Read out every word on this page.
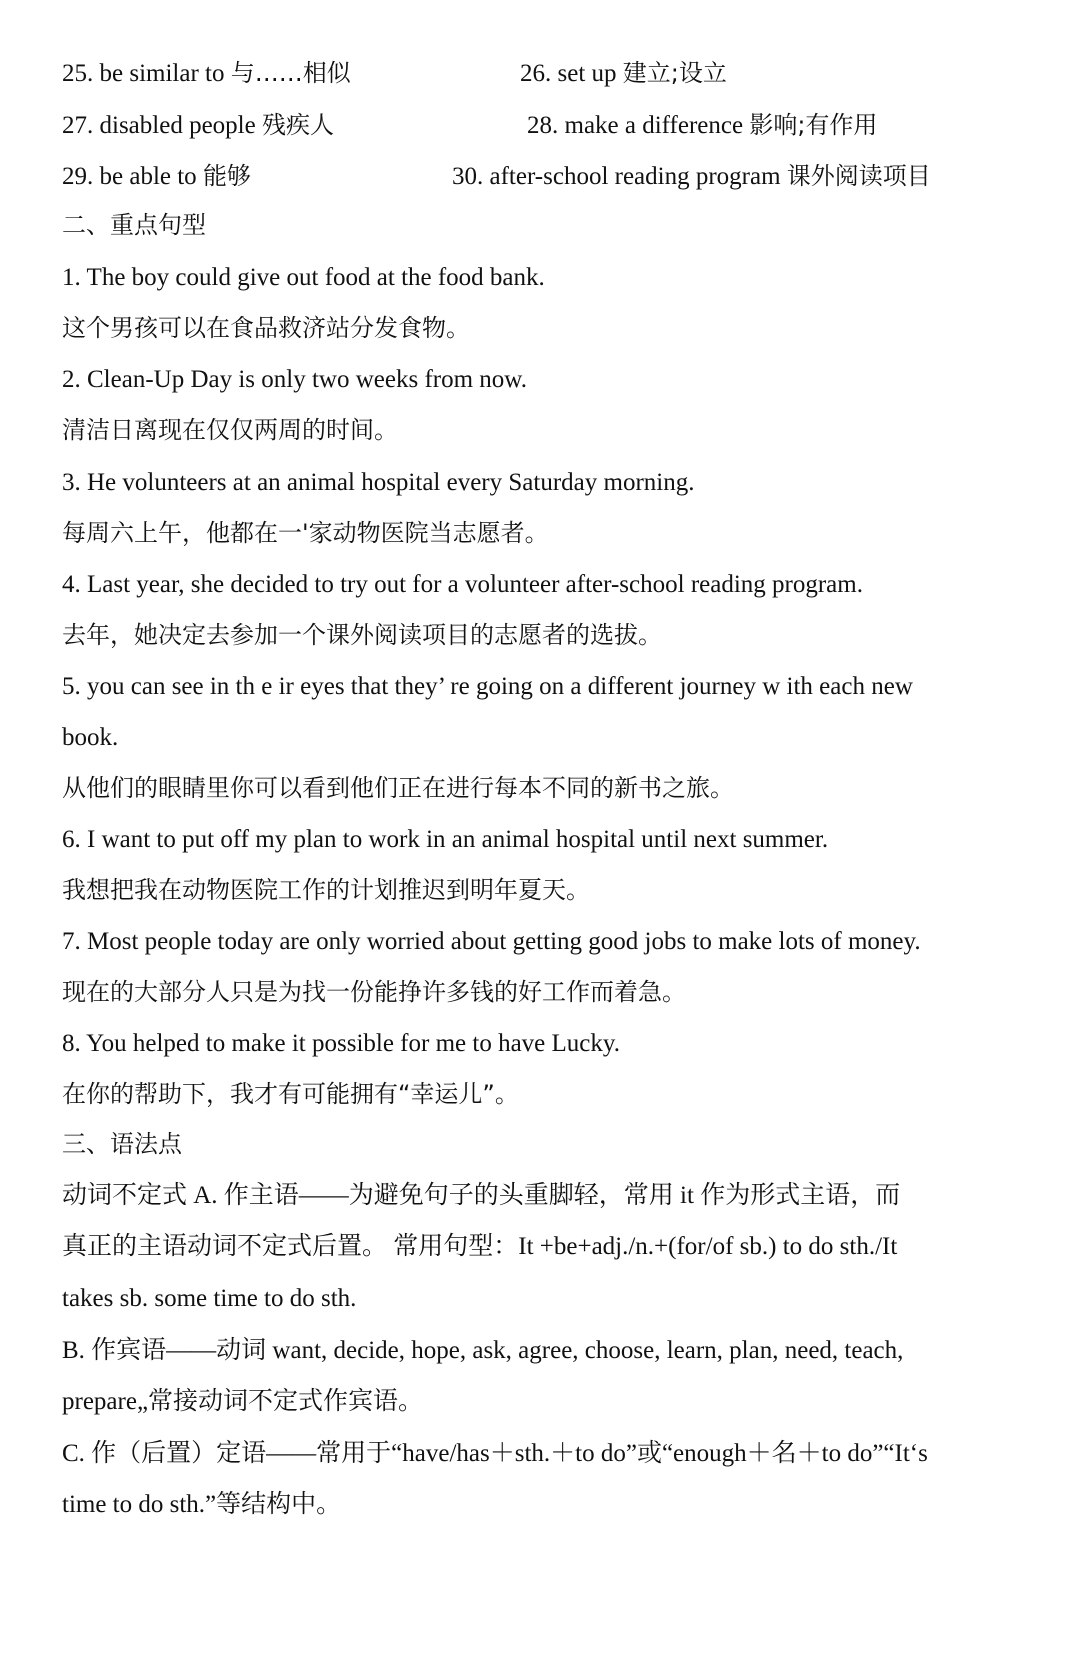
25. be similar to 与……相似	26. set up 建立;设立
27. disabled people 残疾人	28. make a difference 影响;有作用
29. be able to 能够	30. after-school reading program 课外阅读项目
二、重点句型
1. The boy could give out food at the food bank.
这个男孩可以在食品救济站分发食物。
2. Clean-Up Day is only two weeks from now.
清洁日离现在仅仅两周的时间。
3. He volunteers at an animal hospital every Saturday morning.
每周六上午，他都在一'家动物医院当志愿者。
4. Last year, she decided to try out for a volunteer after-school reading program.
去年，她决定去参加一个课外阅读项目的志愿者的选拔。
5. you can see in th e ir eyes that they’ re going on a different journey w ith each new
book.
从他们的眼睛里你可以看到他们正在进行每本不同的新书之旅。
6. I want to put off my plan to work in an animal hospital until next summer.
我想把我在动物医院工作的计划推迟到明年夏天。
7. Most people today are only worried about getting good jobs to make lots of money.
现在的大部分人只是为找一份能挣许多钱的好工作而着急。
8. You helped to make it possible for me to have Lucky.
在你的帮助下，我才有可能拥有“幸运儿”。
三、语法点
动词不定式 A. 作主语——为避免句子的头重脚轻，常用 it 作为形式主语，而
真正的主语动词不定式后置。 常用句型：It +be+adj./n.+(for/of sb.) to do sth./It
takes sb. some time to do sth.
B. 作宾语——动词 want, decide, hope, ask, agree, choose, learn, plan, need, teach,
prepare„常接动词不定式作宾语。
C. 作（后置）定语——常用于“have/has＋sth.＋to do”或“enough＋名＋to do”“It‘s
time to do sth.”等结构中。
